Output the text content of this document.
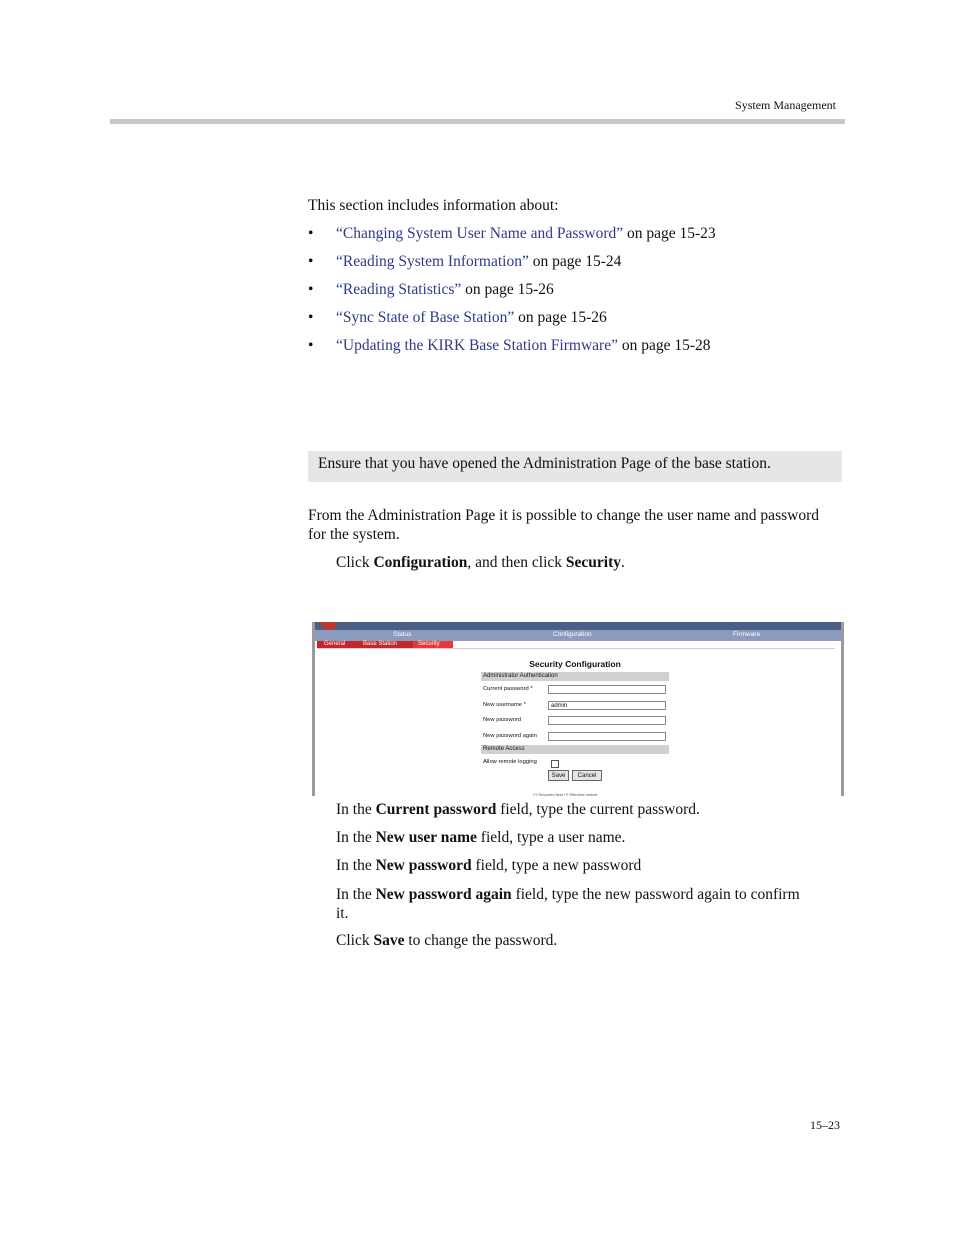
System Management
This section includes information about:
• “Changing System User Name and Password” on page 15-23
• “Reading System Information” on page 15-24
• “Reading Statistics” on page 15-26
• “Sync State of Base Station” on page 15-26
• “Updating the KIRK Base Station Firmware” on page 15-28
Ensure that you have opened the Administration Page of the base station.
From the Administration Page it is possible to change the user name and password for the system.
Click Configuration, and then click Security.
Status	Configuration	Firmware
General	Base Station	Security
Security Configuration
Administrator Authentication
Current password *
New username *	admin
New password
New password again
Remote Access
Allow remote logging
Save	Cancel
(*) Required field (*) Effective restart
In the Current password field, type the current password.
In the New user name field, type a user name.
In the New password field, type a new password
In the New password again field, type the new password again to confirm it.
Click Save to change the password.
15–23
